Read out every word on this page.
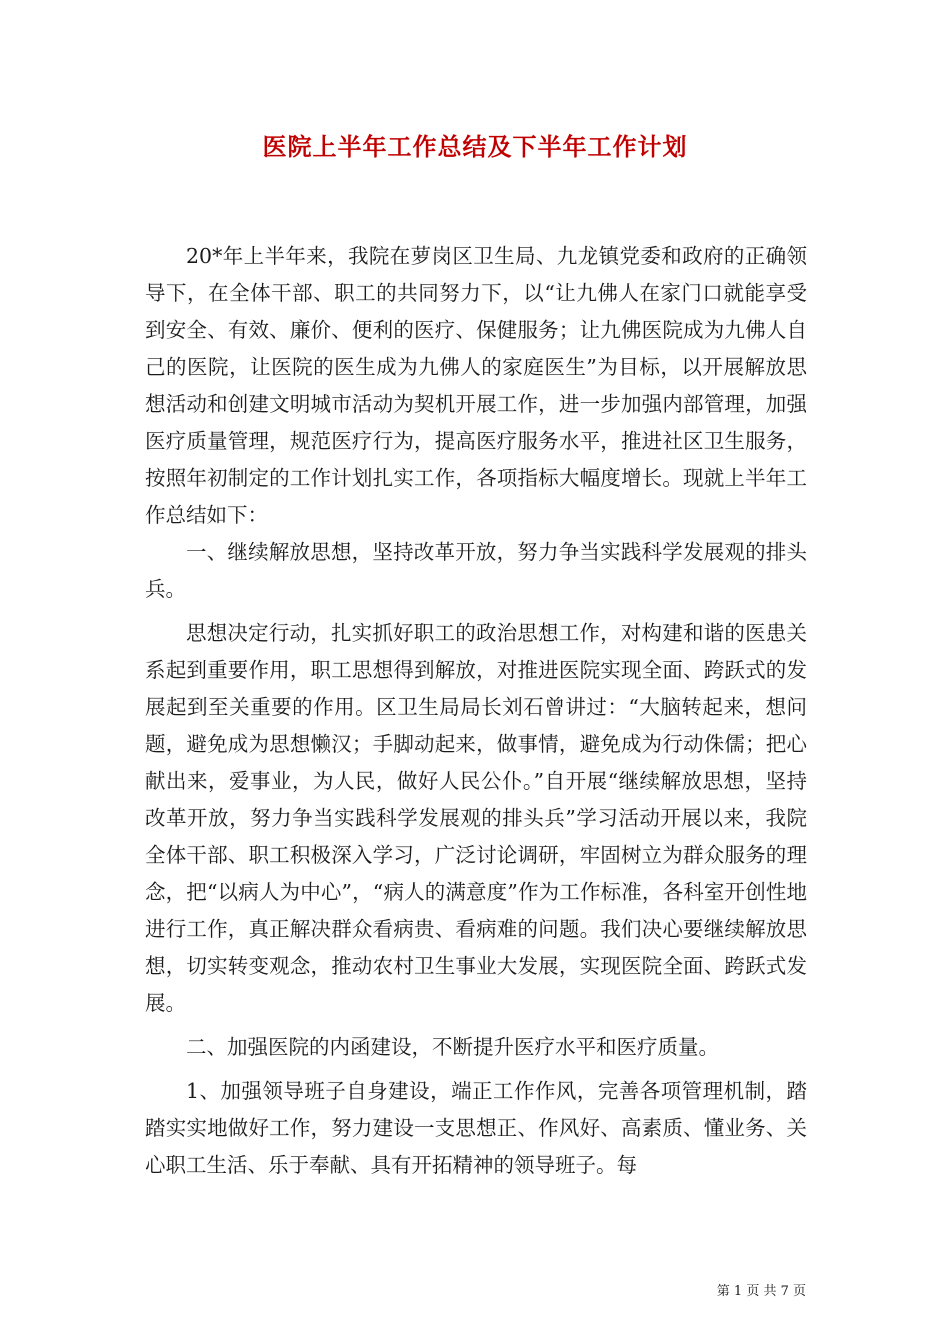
医院上半年工作总结及下半年工作计划

20*年上半年来，我院在萝岗区卫生局、九龙镇党委和政府的正确领导下，在全体干部、职工的共同努力下，以“让九佛人在家门口就能享受到安全、有效、廉价、便利的医疗、保健服务；让九佛医院成为九佛人自己的医院，让医院的医生成为九佛人的家庭医生”为目标，以开展解放思想活动和创建文明城市活动为契机开展工作，进一步加强内部管理，加强医疗质量管理，规范医疗行为，提高医疗服务水平，推进社区卫生服务，按照年初制定的工作计划扎实工作，各项指标大幅度增长。现就上半年工作总结如下：

一、继续解放思想，坚持改革开放，努力争当实践科学发展观的排头兵。

思想决定行动，扎实抓好职工的政治思想工作，对构建和谐的医患关系起到重要作用，职工思想得到解放，对推进医院实现全面、跨跃式的发展起到至关重要的作用。区卫生局局长刘石曾讲过：“大脑转起来，想问题，避免成为思想懒汉；手脚动起来，做事情，避免成为行动侏儒；把心献出来，爱事业，为人民，做好人民公仆。”自开展“继续解放思想，坚持改革开放，努力争当实践科学发展观的排头兵”学习活动开展以来，我院全体干部、职工积极深入学习，广泛讨论调研，牢固树立为群众服务的理念，把“以病人为中心”，“病人的满意度”作为工作标准，各科室开创性地进行工作，真正解决群众看病贵、看病难的问题。我们决心要继续解放思想，切实转变观念，推动农村卫生事业大发展，实现医院全面、跨跃式发展。

二、加强医院的内函建设，不断提升医疗水平和医疗质量。

1、加强领导班子自身建设，端正工作作风，完善各项管理机制，踏踏实实地做好工作，努力建设一支思想正、作风好、高素质、懂业务、关心职工生活、乐于奉献、具有开拓精神的领导班子。每

第 1 页 共 7 页
